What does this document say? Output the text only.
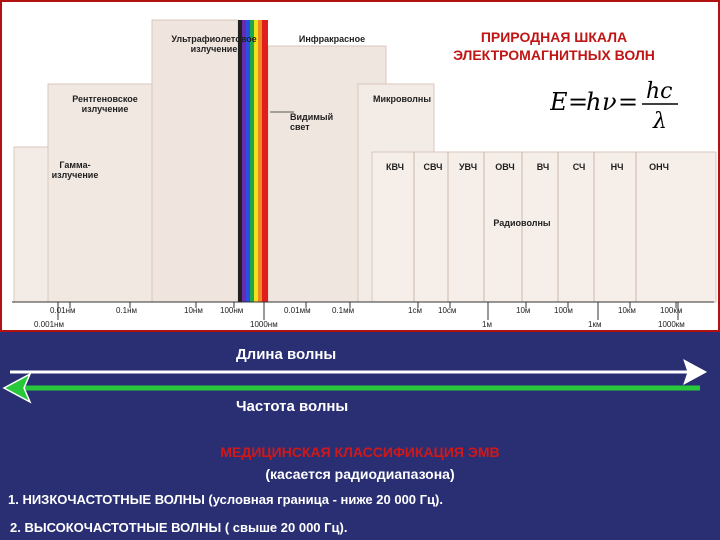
ПРИРОДНАЯ ШКАЛА
ЭЛЕКТРОМАГНИТНЫХ ВОЛН
E =
h ν = hc
λ
Гамма-
излучение
Рентгеновское
излучение
Ультрафиолетовое
излучение
Инфракрасное
Видимый
свет
Микроволны
Радиоволны
КВЧ	СВЧ	УВЧ	ОВЧ	ВЧ	СЧ	НЧ	ОНЧ
0.01нм	0.1нм	10нм 100нм	0.01мм	0.1мм	1см 10см	10м	100м	10км	100км
0.001нм	1000нм	1м	1км	1000км
Длина волны
Частота волны
МЕДИЦИНСКАЯ КЛАССИФИКАЦИЯ ЭМВ
(касается радиодиапазона)
1. НИЗКОЧАСТОТНЫЕ ВОЛНЫ (условная граница - ниже 20 000 Гц).
2. ВЫСОКОЧАСТОТНЫЕ ВОЛНЫ ( свыше 20 000 Гц).
